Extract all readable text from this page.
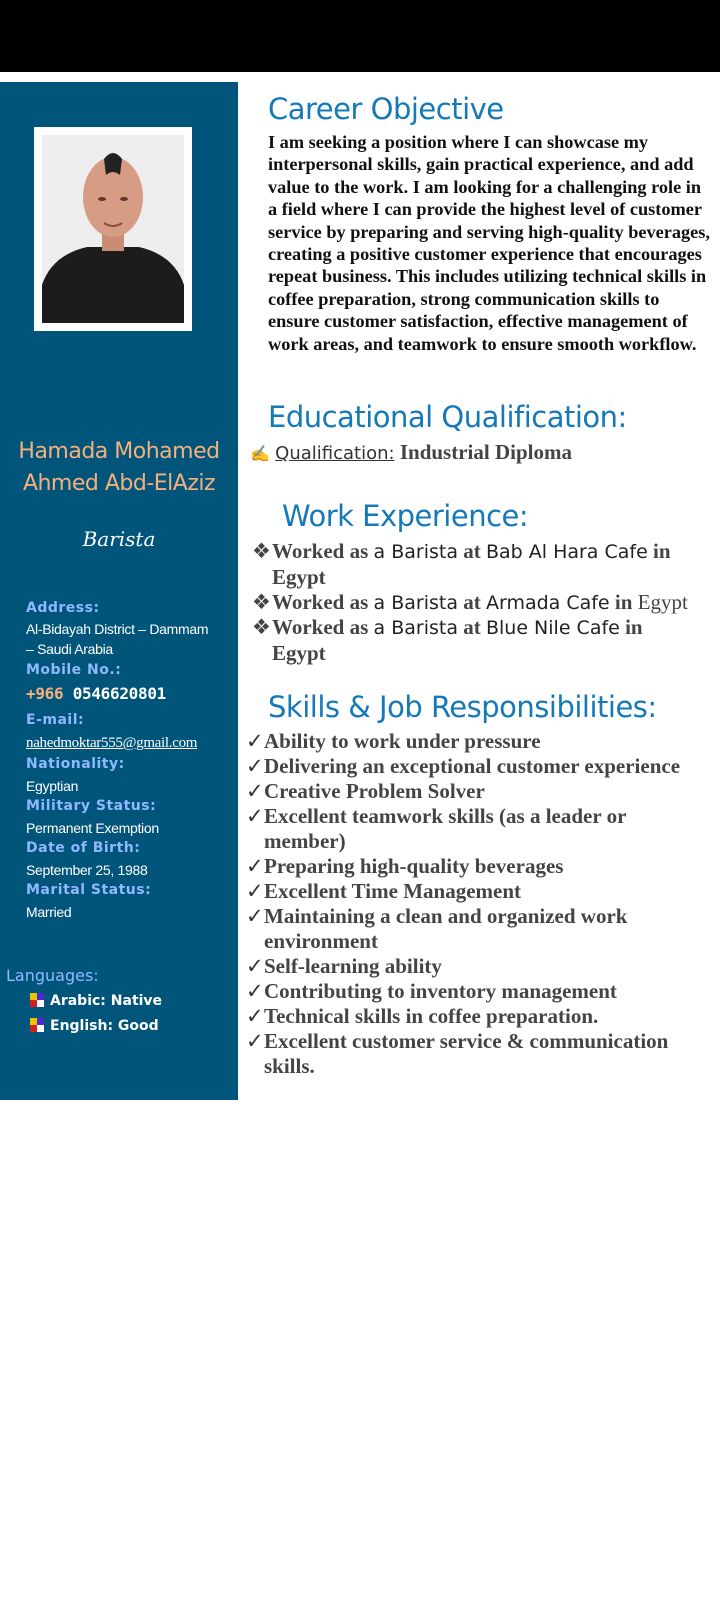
Hamada Mohamed
Ahmed Abd-ElAziz
Barista
Address:
Al-Bidayah District – Dammam
– Saudi Arabia
Mobile No.:
+966 0546620801
E-mail:
nahedmoktar555@gmail.com
Nationality:
Egyptian
Military Status:
Permanent Exemption
Date of Birth:
September 25, 1988
Marital Status:
Married
Languages:
Arabic: Native
English: Good
Career Objective
I am seeking a position where I can showcase my interpersonal skills, gain practical experience, and add value to the work. I am looking for a challenging role in a field where I can provide the highest level of customer service by preparing and serving high-quality beverages, creating a positive customer experience that encourages repeat business. This includes utilizing technical skills in coffee preparation, strong communication skills to ensure customer satisfaction, effective management of work areas, and teamwork to ensure smooth workflow.
Educational Qualification:
✍ Qualification: Industrial Diploma
Work Experience:
❖Worked as a Barista at Bab Al Hara Cafe in
Egypt
❖Worked as a Barista at Armada Cafe in Egypt
❖Worked as a Barista at Blue Nile Cafe in
Egypt
Skills & Job Responsibilities:
✓Ability to work under pressure
✓Delivering an exceptional customer experience
✓Creative Problem Solver
✓Excellent teamwork skills (as a leader or
member)
✓Preparing high-quality beverages
✓Excellent Time Management
✓Maintaining a clean and organized work
environment
✓Self-learning ability
✓Contributing to inventory management
✓Technical skills in coffee preparation.
✓Excellent customer service & communication
skills.
